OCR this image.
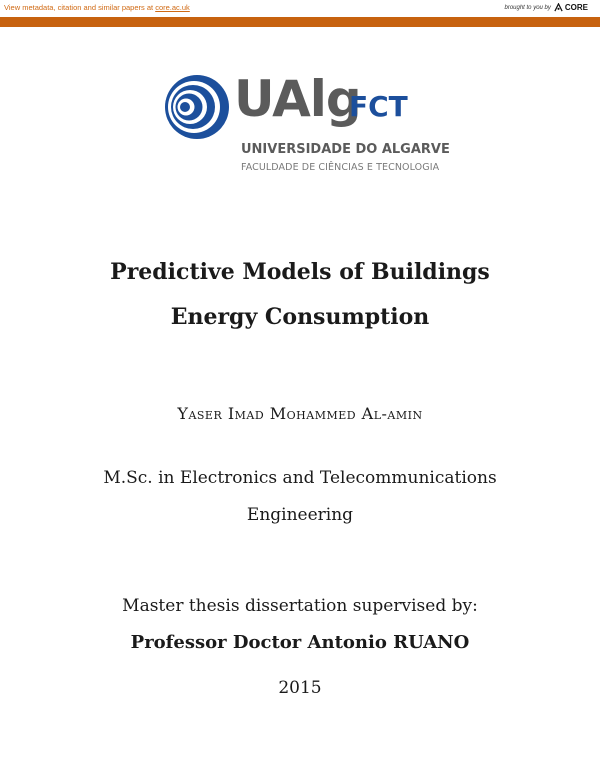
View metadata, citation and similar papers at core.ac.uk	brought to you by CORE
provided by Sapientia
UAlg
FCT
UNIVERSIDADE DO ALGARVE
FACULDADE DE CIÊNCIAS E TECNOLOGIA
Predictive Models of Buildings
Energy Consumption
Yaser Imad Mohammed Al-amin
M.Sc. in Electronics and Telecommunications
Engineering
Master thesis dissertation supervised by:
Professor Doctor Antonio RUANO
2015
